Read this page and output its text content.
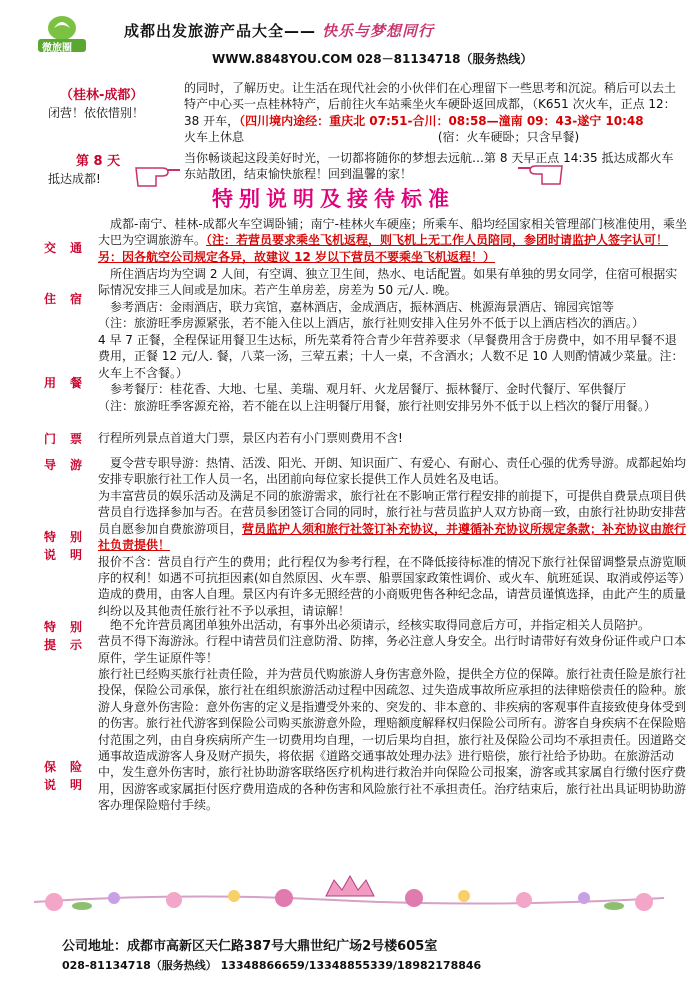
微旅圈
成都出发旅游产品大全—— 快乐与梦想同行
WWW.8848YOU.COM 028－81134718（服务热线）
（桂林-成都）
闭营！依依惜别！
的同时，了解历史。让生活在现代社会的小伙伴们在心理留下一些思考和沉淀。稍后可以去土特产中心买一点桂林特产，后前往火车站乘坐火车硬卧返回成都，（K651 次火车，正点 12：38 开车，（四川境内途经：重庆北 07:51-合川：08:58—潼南 09：43-遂宁 10:48
火车上休息	(宿：火车硬卧；只含早餐)
第 8 天
抵达成都!
当你畅谈起这段美好时光，一切都将随你的梦想去远航…第 8 天早正点 14:35 抵达成都火车东站散团，结束愉快旅程！回到温馨的家！
特别说明及接待标准
交通
成都-南宁、桂林-成都火车空调卧铺；南宁-桂林火车硬座；所乘车、船均经国家相关管理部门核准使用，乘坐大巴为空调旅游车。（注：若营员要求乘坐飞机返程，则飞机上无工作人员陪同，参团时请监护人签字认可！另：因各航空公司规定各异，故建议 12 岁以下营员不要乘坐飞机返程！）
住宿
所住酒店均为空调 2 人间，有空调、独立卫生间，热水、电话配置。如果有单独的男女同学，住宿可根据实际情况安排三人间或是加床。若产生单房差，房差为 50 元/人. 晚。
参考酒店：金雨酒店，联力宾馆，嘉林酒店，金成酒店，振林酒店、桃源海景酒店、锦园宾馆等
（注：旅游旺季房源紧张，若不能入住以上酒店，旅行社则安排入住另外不低于以上酒店档次的酒店。）
用餐
4 早 7 正餐，全程保证用餐卫生达标，所先菜肴符合青少年营养要求（早餐费用含于房费中，如不用早餐不退费用，正餐 12 元/人. 餐，八菜一汤，三荤五素；十人一桌，不含酒水；人数不足 10 人则酌情减少菜量。注：火车上不含餐。）
参考餐厅：桂花香、大地、七星、美瑞、观月轩、火龙居餐厅、振林餐厅、金时代餐厅、军供餐厅
（注：旅游旺季客源充裕，若不能在以上注明餐厅用餐，旅行社则安排另外不低于以上档次的餐厅用餐。）
门票 行程所列景点首道大门票，景区内若有小门票则费用不含!
导游	夏令营专职导游：热情、活泼、阳光、开朗、知识面广、有爱心、有耐心、责任心强的优秀导游。成都起始均安排专职旅行社工作人员一名，出团前向每位家长提供工作人员姓名及电话。
特别
说明
为丰富营员的娱乐活动及满足不同的旅游需求，旅行社在不影响正常行程安排的前提下，可提供自费景点项目供营员自行选择参加与否。在营员参团签订合同的同时，旅行社与营员监护人双方协商一致，由旅行社协助安排营员自愿参加自费旅游项目，营员监护人须和旅行社签订补充协议，并遵循补充协议所规定条款；补充协议由旅行社负责提供！
报价不含：营员自行产生的费用；此行程仅为参考行程，在不降低接待标准的情况下旅行社保留调整景点游览顺序的权利！如遇不可抗拒因素(如自然原因、火车票、船票国家政策性调价、或火车、航班延误、取消或停运等）造成的费用，由客人自理。景区内有许多无照经营的小商贩兜售各种纪念品，请营员谨慎选择，由此产生的质量纠纷以及其他责任旅行社不予以承担，请谅解！
特别
提示
绝不允许营员离团单独外出活动，有事外出必须请示，经核实取得同意后方可，并指定相关人员陪护。
营员不得下海游泳。行程中请营员们注意防滑、防摔，务必注意人身安全。出行时请带好有效身份证件或户口本原件，学生证原件等！
保险
说明
旅行社已经购买旅行社责任险，并为营员代购旅游人身伤害意外险，提供全方位的保障。旅行社责任险是旅行社投保，保险公司承保，旅行社在组织旅游活动过程中因疏忽、过失造成事故所应承担的法律赔偿责任的险种。旅游人身意外伤害险：意外伤害的定义是指遭受外来的、突发的、非本意的、非疾病的客观事件直接致使身体受到的伤害。旅行社代游客到保险公司购买旅游意外险，理赔额度解释权归保险公司所有。游客自身疾病不在保险赔付范围之列，由自身疾病所产生一切费用均自理，一切后果均自担，旅行社及保险公司均不承担责任。因道路交通事故造成游客人身及财产损失，将依据《道路交通事故处理办法》进行赔偿，旅行社给予协助。在旅游活动中，发生意外伤害时，旅行社协助游客联络医疗机构进行救治并向保险公司报案，游客或其家属自行缴付医疗费用，因游客或家属拒付医疗费用造成的各种伤害和风险旅行社不承担责任。治疗结束后，旅行社出具证明协助游客办理保险赔付手续。
公司地址：成都市高新区天仁路387号大鼎世纪广场2号楼605室
028-81134718（服务热线） 13348866659/13348855339/18982178846
